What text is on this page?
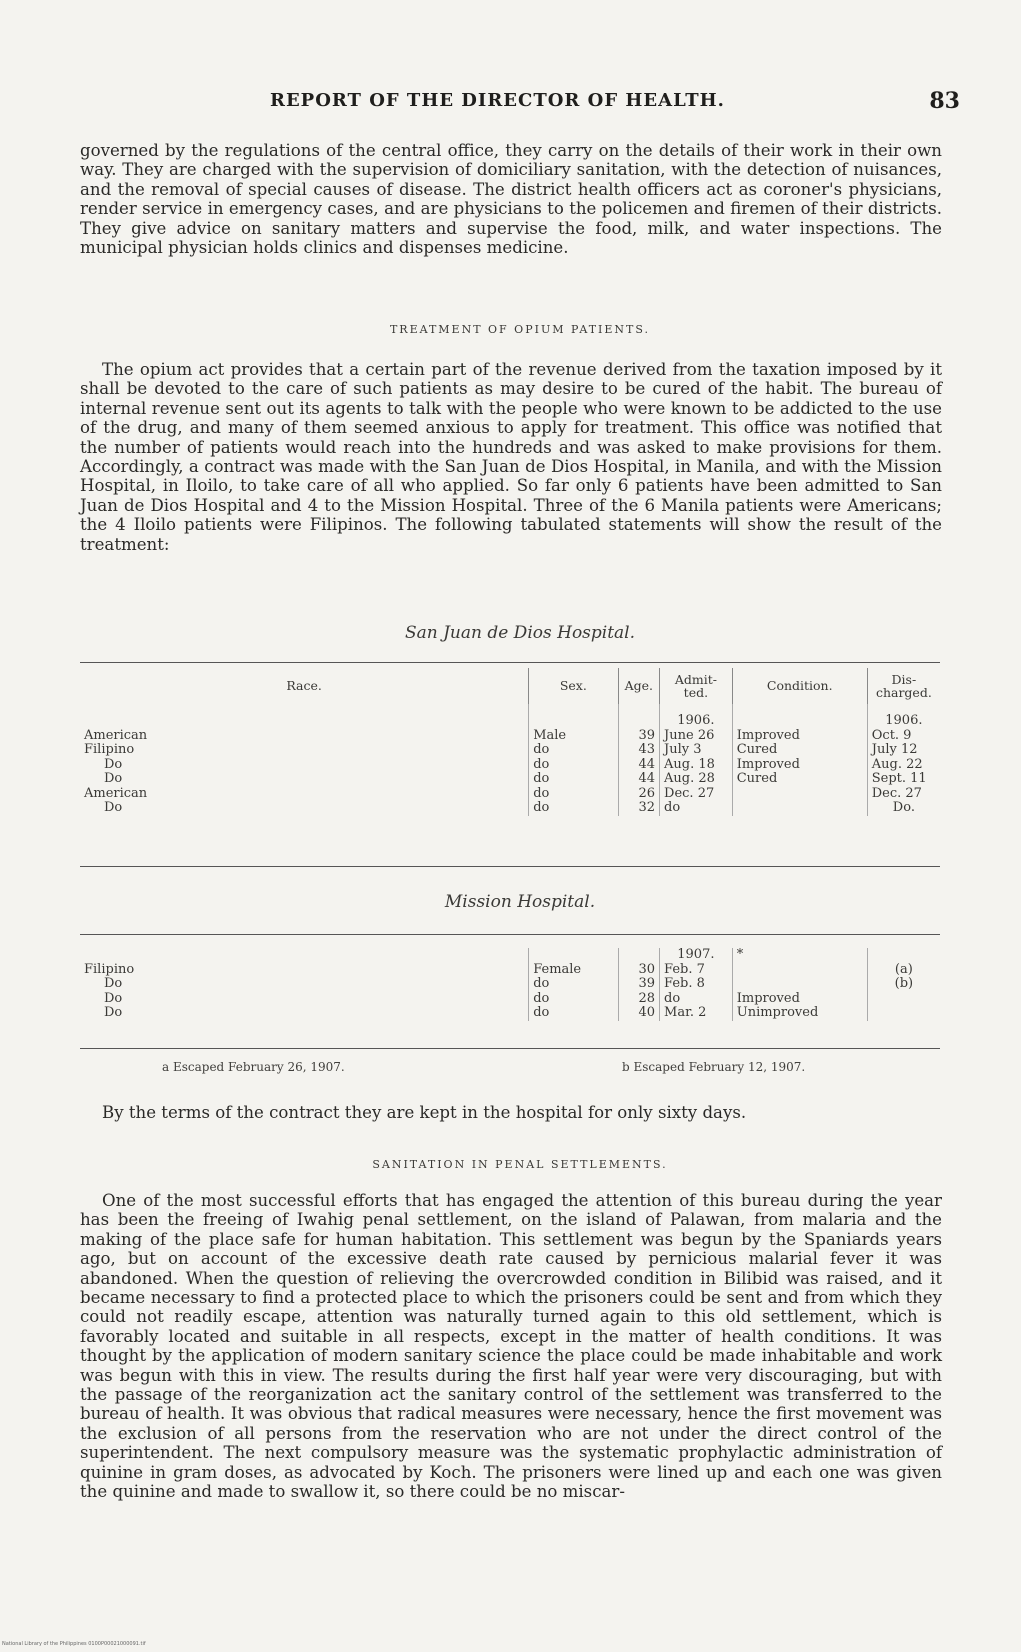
REPORT OF THE DIRECTOR OF HEALTH.	83

governed by the regulations of the central office, they carry on the details of their work in their own way. They are charged with the supervision of domiciliary sanitation, with the detection of nuisances, and the removal of special causes of disease. The district health officers act as coroner's physicians, render service in emergency cases, and are physicians to the policemen and firemen of their districts. They give advice on sanitary matters and supervise the food, milk, and water inspections. The municipal physician holds clinics and dispenses medicine.

TREATMENT OF OPIUM PATIENTS.

The opium act provides that a certain part of the revenue derived from the taxation imposed by it shall be devoted to the care of such patients as may desire to be cured of the habit. The bureau of internal revenue sent out its agents to talk with the people who were known to be addicted to the use of the drug, and many of them seemed anxious to apply for treatment. This office was notified that the number of patients would reach into the hundreds and was asked to make provisions for them. Accordingly, a contract was made with the San Juan de Dios Hospital, in Manila, and with the Mission Hospital, in Iloilo, to take care of all who applied. So far only 6 patients have been admitted to San Juan de Dios Hospital and 4 to the Mission Hospital. Three of the 6 Manila patients were Americans; the 4 Iloilo patients were Filipinos. The following tabulated statements will show the result of the treatment:

San Juan de Dios Hospital.
Race.	Sex.	Age.	Admit-ted.	Condition.	Dis-charged.
			1906.		1906.
American	Male	39	June 26	Improved	Oct. 9
Filipino	do	43	July 3	Cured	July 12
Do	do	44	Aug. 18	Improved	Aug. 22
Do	do	44	Aug. 28	Cured	Sept. 11
American	do	26	Dec. 27		Dec. 27
Do	do	32	do		Do.
Mission Hospital.
			1907.	*	
Filipino	Female	30	Feb. 7		(a)
Do	do	39	Feb. 8		(b)
Do	do	28	do	Improved	
Do	do	40	Mar. 2	Unimproved	
a Escaped February 26, 1907.	b Escaped February 12, 1907.

By the terms of the contract they are kept in the hospital for only sixty days.

SANITATION IN PENAL SETTLEMENTS.

One of the most successful efforts that has engaged the attention of this bureau during the year has been the freeing of Iwahig penal settlement, on the island of Palawan, from malaria and the making of the place safe for human habitation. This settlement was begun by the Spaniards years ago, but on account of the excessive death rate caused by pernicious malarial fever it was abandoned. When the question of relieving the overcrowded condition in Bilibid was raised, and it became necessary to find a protected place to which the prisoners could be sent and from which they could not readily escape, attention was naturally turned again to this old settlement, which is favorably located and suitable in all respects, except in the matter of health conditions. It was thought by the application of modern sanitary science the place could be made inhabitable and work was begun with this in view. The results during the first half year were very discouraging, but with the passage of the reorganization act the sanitary control of the settlement was transferred to the bureau of health. It was obvious that radical measures were necessary, hence the first movement was the exclusion of all persons from the reservation who are not under the direct control of the superintendent. The next compulsory measure was the systematic prophylactic administration of quinine in gram doses, as advocated by Koch. The prisoners were lined up and each one was given the quinine and made to swallow it, so there could be no miscar-

National Library of the Philippines 0100P00021000091.tif
